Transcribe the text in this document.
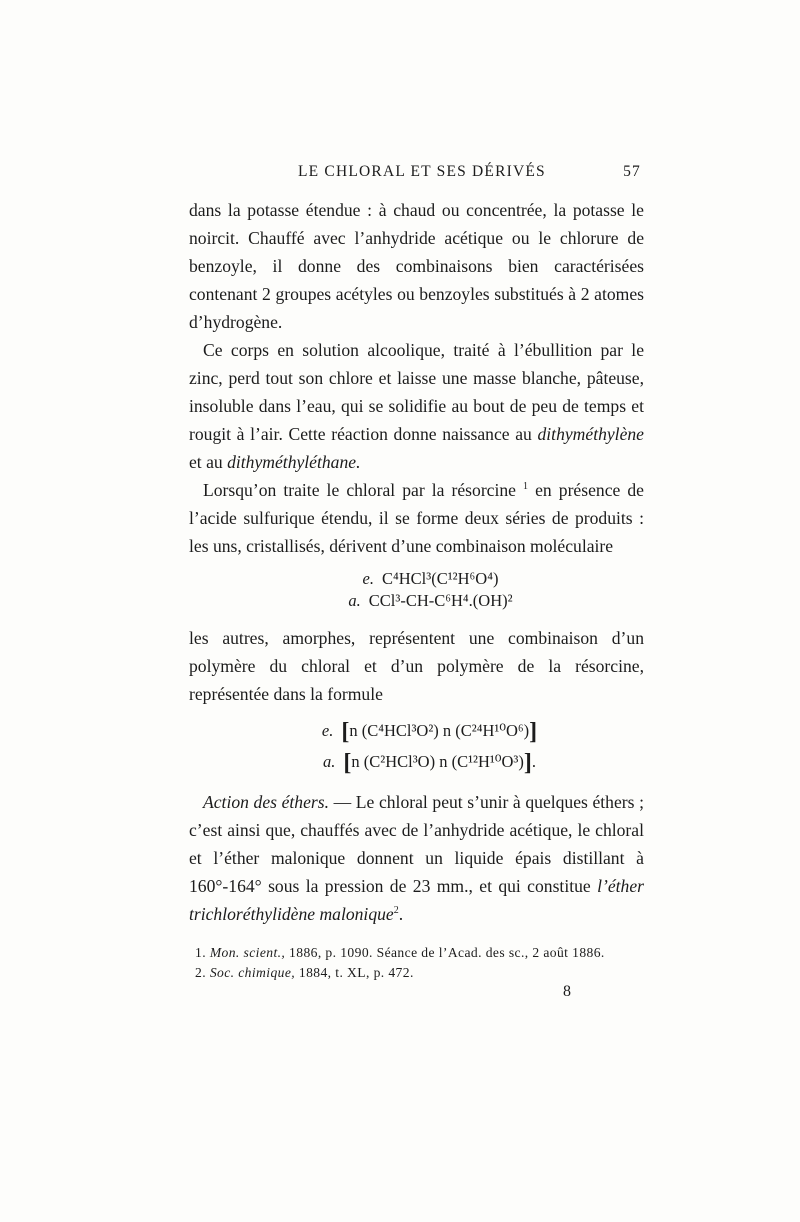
LE CHLORAL ET SES DÉRIVÉS	57

dans la potasse étendue : à chaud ou concentrée, la potasse le noircit. Chauffé avec l’anhydride acétique ou le chlorure de benzoyle, il donne des combinaisons bien caractérisées contenant 2 groupes acétyles ou benzoyles substitués à 2 atomes d’hydrogène.

Ce corps en solution alcoolique, traité à l’ébullition par le zinc, perd tout son chlore et laisse une masse blanche, pâteuse, insoluble dans l’eau, qui se solidifie au bout de peu de temps et rougit à l’air. Cette réaction donne naissance au dithyméthylène et au dithyméthyléthane.

Lorsqu’on traite le chloral par la résorcine $^1$ en présence de l’acide sulfurique étendu, il se forme deux séries de produits : les uns, cristallisés, dérivent d’une combinaison moléculaire

e. C⁴HCl³(C¹²H⁶O⁴)
a. CCl³-CH-C⁶H⁴.(OH)²

les autres, amorphes, représentent une combinaison d’un polymère du chloral et d’un polymère de la résorcine, représentée dans la formule

e. [n (C⁴HCl³O²) n (C²⁴H¹⁰O⁶)]
a. [n (C²HCl³O) n (C¹²H¹⁰O³)].

Action des éthers. — Le chloral peut s’unir à quelques éthers ; c’est ainsi que, chauffés avec de l’anhydride acétique, le chloral et l’éther malonique donnent un liquide épais distillant à 160°-164° sous la pression de 23 mm., et qui constitue l’éther trichloréthylidène malonique$^2$.

1. Mon. scient., 1886, p. 1090. Séance de l’Acad. des sc., 2 août 1886.

2. Soc. chimique, 1884, t. XL, p. 472.

8
